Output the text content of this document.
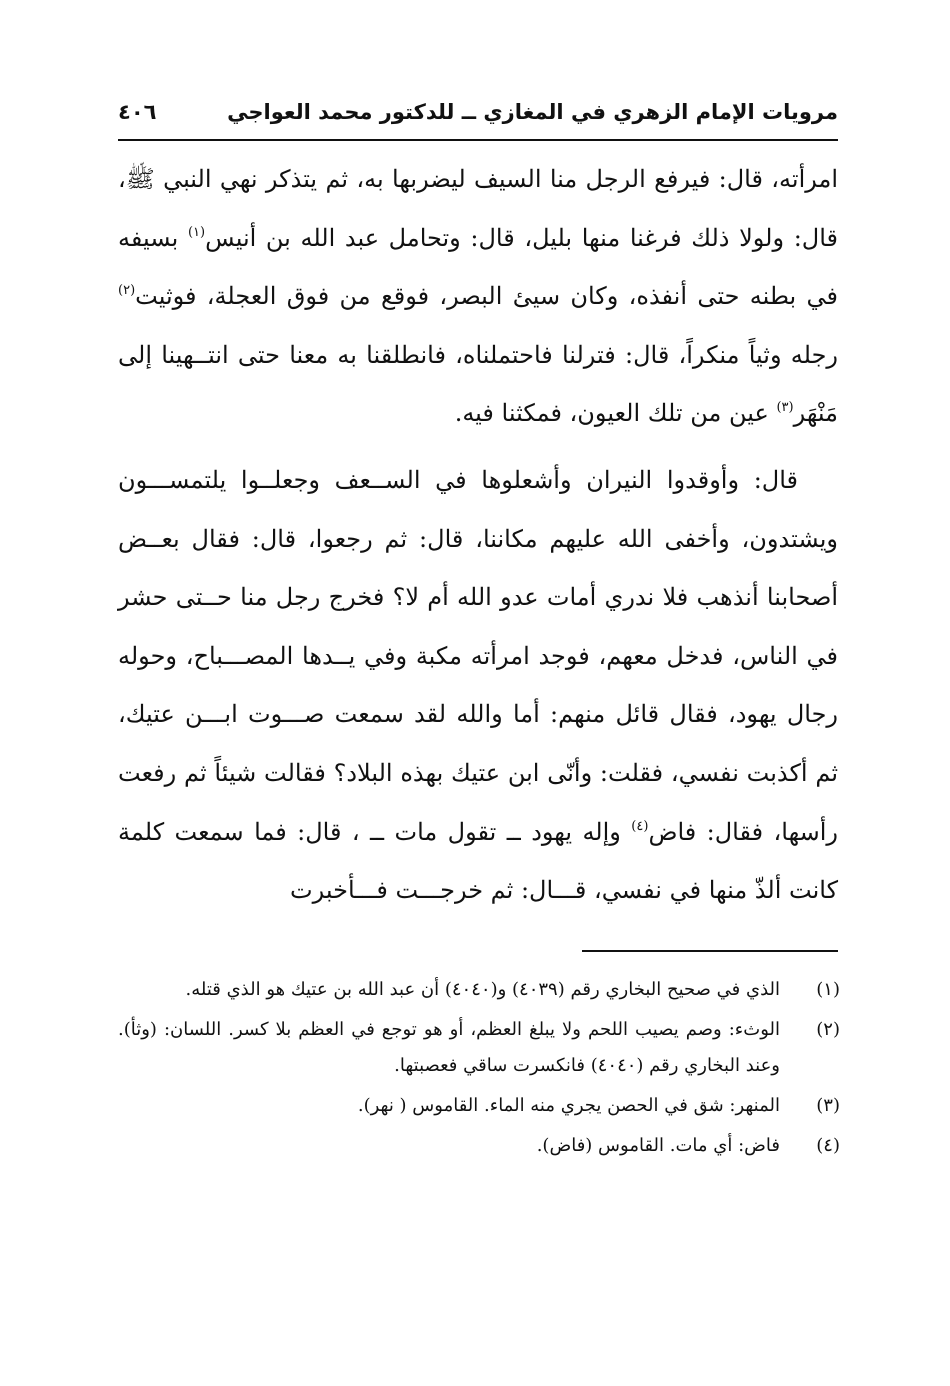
مرويات الإمام الزهري في المغازي ــ للدكتور محمد العواجي
٤٠٦

امرأته، قال: فيرفع الرجل منا السيف ليضربها به، ثم يتذكر نهي النبي ﷺ، قال: ولولا ذلك فرغنا منها بليل، قال: وتحامل عبد الله بن أنيس$^{(١)}$ بسيفه في بطنه حتى أنفذه، وكان سيئ البصر، فوقع من فوق العجلة، فوثيت$^{(٢)}$ رجله وثياً منكراً، قال: فترلنا فاحتملناه، فانطلقنا به معنا حتى انتــهينا إلى مَنْهَر$^{(٣)}$ عين من تلك العيون، فمكثنا فيه.

قال: وأوقدوا النيران وأشعلوها في الســعف وجعلــوا يلتمســـون ويشتدون، وأخفى الله عليهم مكاننا، قال: ثم رجعوا، قال: فقال بعــض أصحابنا أنذهب فلا ندري أمات عدو الله أم لا؟ فخرج رجل منا حــتى حشر في الناس، فدخل معهم، فوجد امرأته مكبة وفي يــدها المصـــباح، وحوله رجال يهود، فقال قائل منهم: أما والله لقد سمعت صـــوت ابـــن عتيك، ثم أكذبت نفسي، فقلت: وأنّى ابن عتيك بهذه البلاد؟ فقالت شيئاً ثم رفعت رأسها، فقال: فاض$^{(٤)}$ وإله يهود ــ تقول مات ــ ، قال: فما سمعت كلمة كانت ألذّ منها في نفسي، قـــال: ثم خرجـــت فـــأخبرت

(١)
الذي في صحيح البخاري رقم (٤٠٣٩) و(٤٠٤٠) أن عبد الله بن عتيك هو الذي قتله.
(٢)
الوثء: وصم يصيب اللحم ولا يبلغ العظم، أو هو توجع في العظم بلا كسر. اللسان: (وثأ). وعند البخاري رقم (٤٠٤٠) فانكسرت ساقي فعصبتها.
(٣)
المنهر: شق في الحصن يجري منه الماء. القاموس ( نهر).
(٤)
فاض: أي مات. القاموس (فاض).
